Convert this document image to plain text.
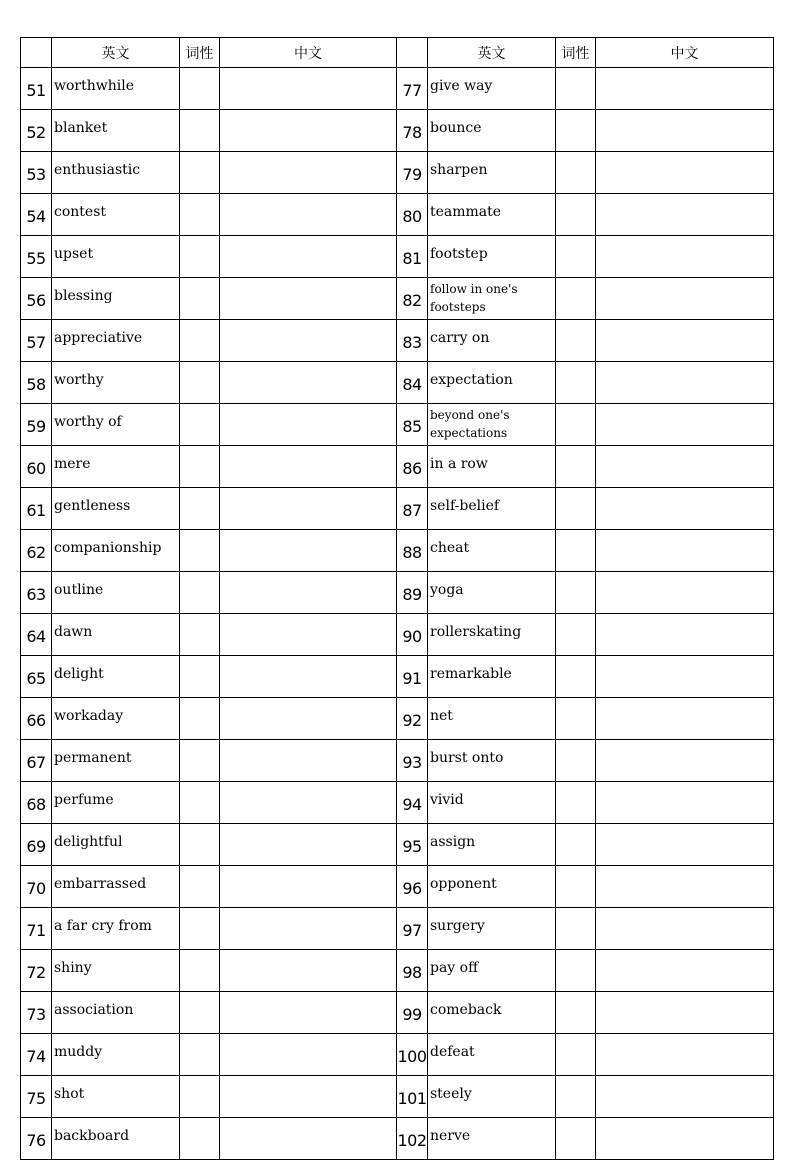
	英文	词性	中文		英文	词性	中文
51	worthwhile			77	give way		
52	blanket			78	bounce		
53	enthusiastic			79	sharpen		
54	contest			80	teammate		
55	upset			81	footstep		
56	blessing			82	follow in one's footsteps		
57	appreciative			83	carry on		
58	worthy			84	expectation		
59	worthy of			85	beyond one's expectations		
60	mere			86	in a row		
61	gentleness			87	self-belief		
62	companionship			88	cheat		
63	outline			89	yoga		
64	dawn			90	rollerskating		
65	delight			91	remarkable		
66	workaday			92	net		
67	permanent			93	burst onto		
68	perfume			94	vivid		
69	delightful			95	assign		
70	embarrassed			96	opponent		
71	a far cry from			97	surgery		
72	shiny			98	pay off		
73	association			99	comeback		
74	muddy			100	defeat		
75	shot			101	steely		
76	backboard			102	nerve		
